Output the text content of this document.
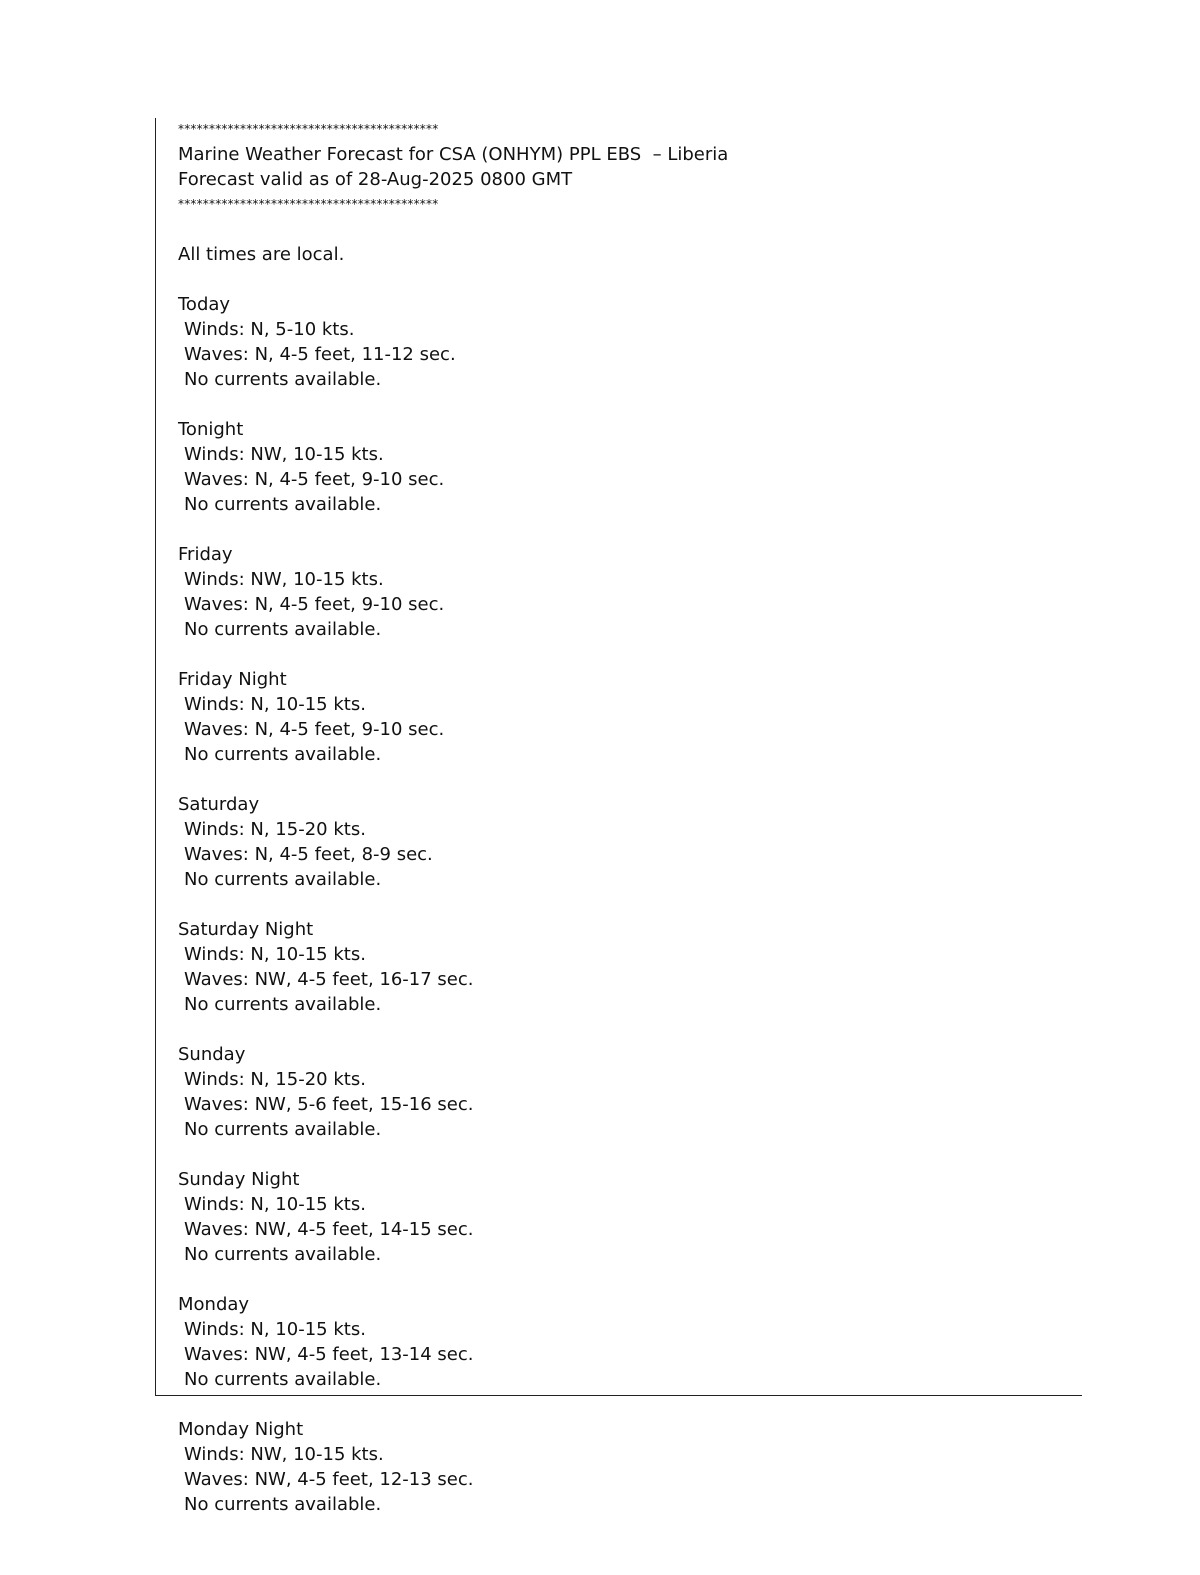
******************************************
Marine Weather Forecast for CSA (ONHYM) PPL EBS  – Liberia
Forecast valid as of 28-Aug-2025 0800 GMT
******************************************
All times are local.
Today
Winds: N, 5-10 kts.
Waves: N, 4-5 feet, 11-12 sec.
No currents available.
Tonight
Winds: NW, 10-15 kts.
Waves: N, 4-5 feet, 9-10 sec.
No currents available.
Friday
Winds: NW, 10-15 kts.
Waves: N, 4-5 feet, 9-10 sec.
No currents available.
Friday Night
Winds: N, 10-15 kts.
Waves: N, 4-5 feet, 9-10 sec.
No currents available.
Saturday
Winds: N, 15-20 kts.
Waves: N, 4-5 feet, 8-9 sec.
No currents available.
Saturday Night
Winds: N, 10-15 kts.
Waves: NW, 4-5 feet, 16-17 sec.
No currents available.
Sunday
Winds: N, 15-20 kts.
Waves: NW, 5-6 feet, 15-16 sec.
No currents available.
Sunday Night
Winds: N, 10-15 kts.
Waves: NW, 4-5 feet, 14-15 sec.
No currents available.
Monday
Winds: N, 10-15 kts.
Waves: NW, 4-5 feet, 13-14 sec.
No currents available.
Monday Night
Winds: NW, 10-15 kts.
Waves: NW, 4-5 feet, 12-13 sec.
No currents available.
